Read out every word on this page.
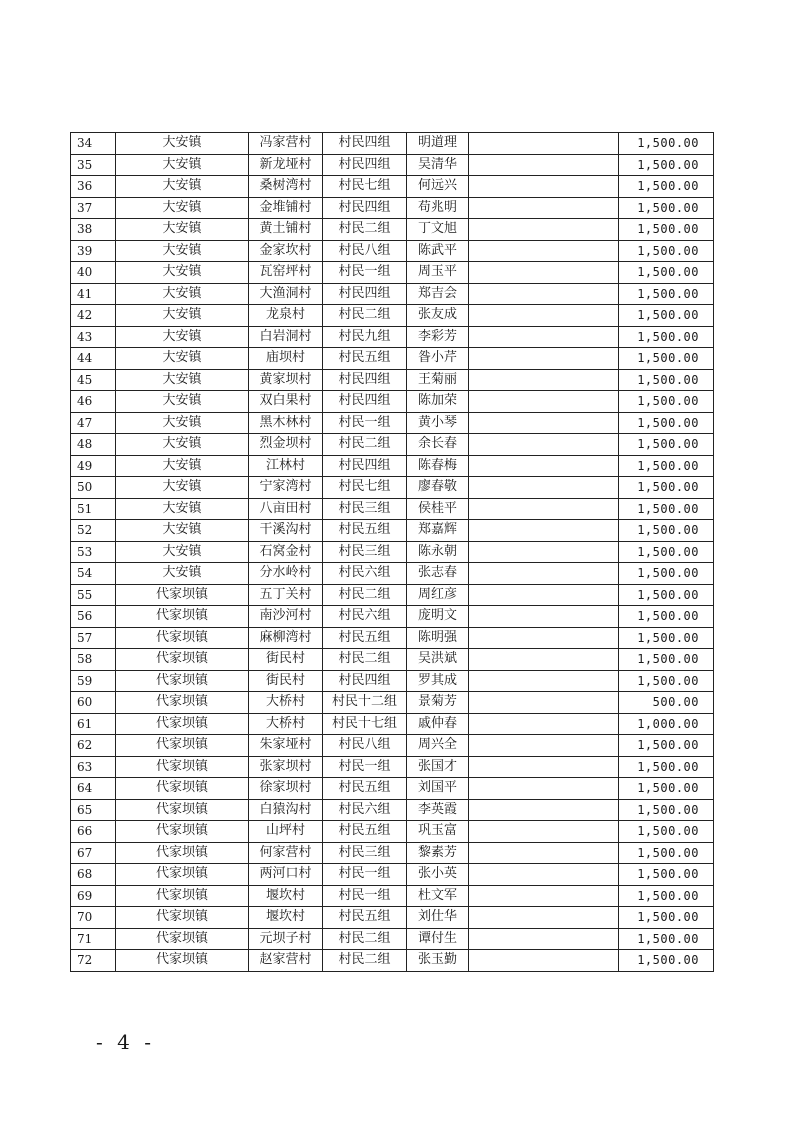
34	大安镇	冯家营村	村民四组	明道理		1,500.00
35	大安镇	新龙垭村	村民四组	吴清华		1,500.00
36	大安镇	桑树湾村	村民七组	何远兴		1,500.00
37	大安镇	金堆铺村	村民四组	苟兆明		1,500.00
38	大安镇	黄土铺村	村民二组	丁文旭		1,500.00
39	大安镇	金家坎村	村民八组	陈武平		1,500.00
40	大安镇	瓦窑坪村	村民一组	周玉平		1,500.00
41	大安镇	大渔洞村	村民四组	郑吉会		1,500.00
42	大安镇	龙泉村	村民二组	张友成		1,500.00
43	大安镇	白岩洞村	村民九组	李彩芳		1,500.00
44	大安镇	庙坝村	村民五组	昝小芹		1,500.00
45	大安镇	黄家坝村	村民四组	王菊丽		1,500.00
46	大安镇	双白果村	村民四组	陈加荣		1,500.00
47	大安镇	黑木林村	村民一组	黄小琴		1,500.00
48	大安镇	烈金坝村	村民二组	余长春		1,500.00
49	大安镇	江林村	村民四组	陈春梅		1,500.00
50	大安镇	宁家湾村	村民七组	廖春敬		1,500.00
51	大安镇	八亩田村	村民三组	侯桂平		1,500.00
52	大安镇	干溪沟村	村民五组	郑嘉辉		1,500.00
53	大安镇	石窝金村	村民三组	陈永朝		1,500.00
54	大安镇	分水岭村	村民六组	张志春		1,500.00
55	代家坝镇	五丁关村	村民二组	周红彦		1,500.00
56	代家坝镇	南沙河村	村民六组	庞明文		1,500.00
57	代家坝镇	麻柳湾村	村民五组	陈明强		1,500.00
58	代家坝镇	街民村	村民二组	吴洪斌		1,500.00
59	代家坝镇	街民村	村民四组	罗其成		1,500.00
60	代家坝镇	大桥村	村民十二组	景菊芳		500.00
61	代家坝镇	大桥村	村民十七组	戚仲春		1,000.00
62	代家坝镇	朱家垭村	村民八组	周兴全		1,500.00
63	代家坝镇	张家坝村	村民一组	张国才		1,500.00
64	代家坝镇	徐家坝村	村民五组	刘国平		1,500.00
65	代家坝镇	白猿沟村	村民六组	李英霞		1,500.00
66	代家坝镇	山坪村	村民五组	巩玉富		1,500.00
67	代家坝镇	何家营村	村民三组	黎素芳		1,500.00
68	代家坝镇	两河口村	村民一组	张小英		1,500.00
69	代家坝镇	堰坎村	村民一组	杜文军		1,500.00
70	代家坝镇	堰坎村	村民五组	刘仕华		1,500.00
71	代家坝镇	元坝子村	村民二组	谭付生		1,500.00
72	代家坝镇	赵家营村	村民二组	张玉勤		1,500.00
- 4 -
